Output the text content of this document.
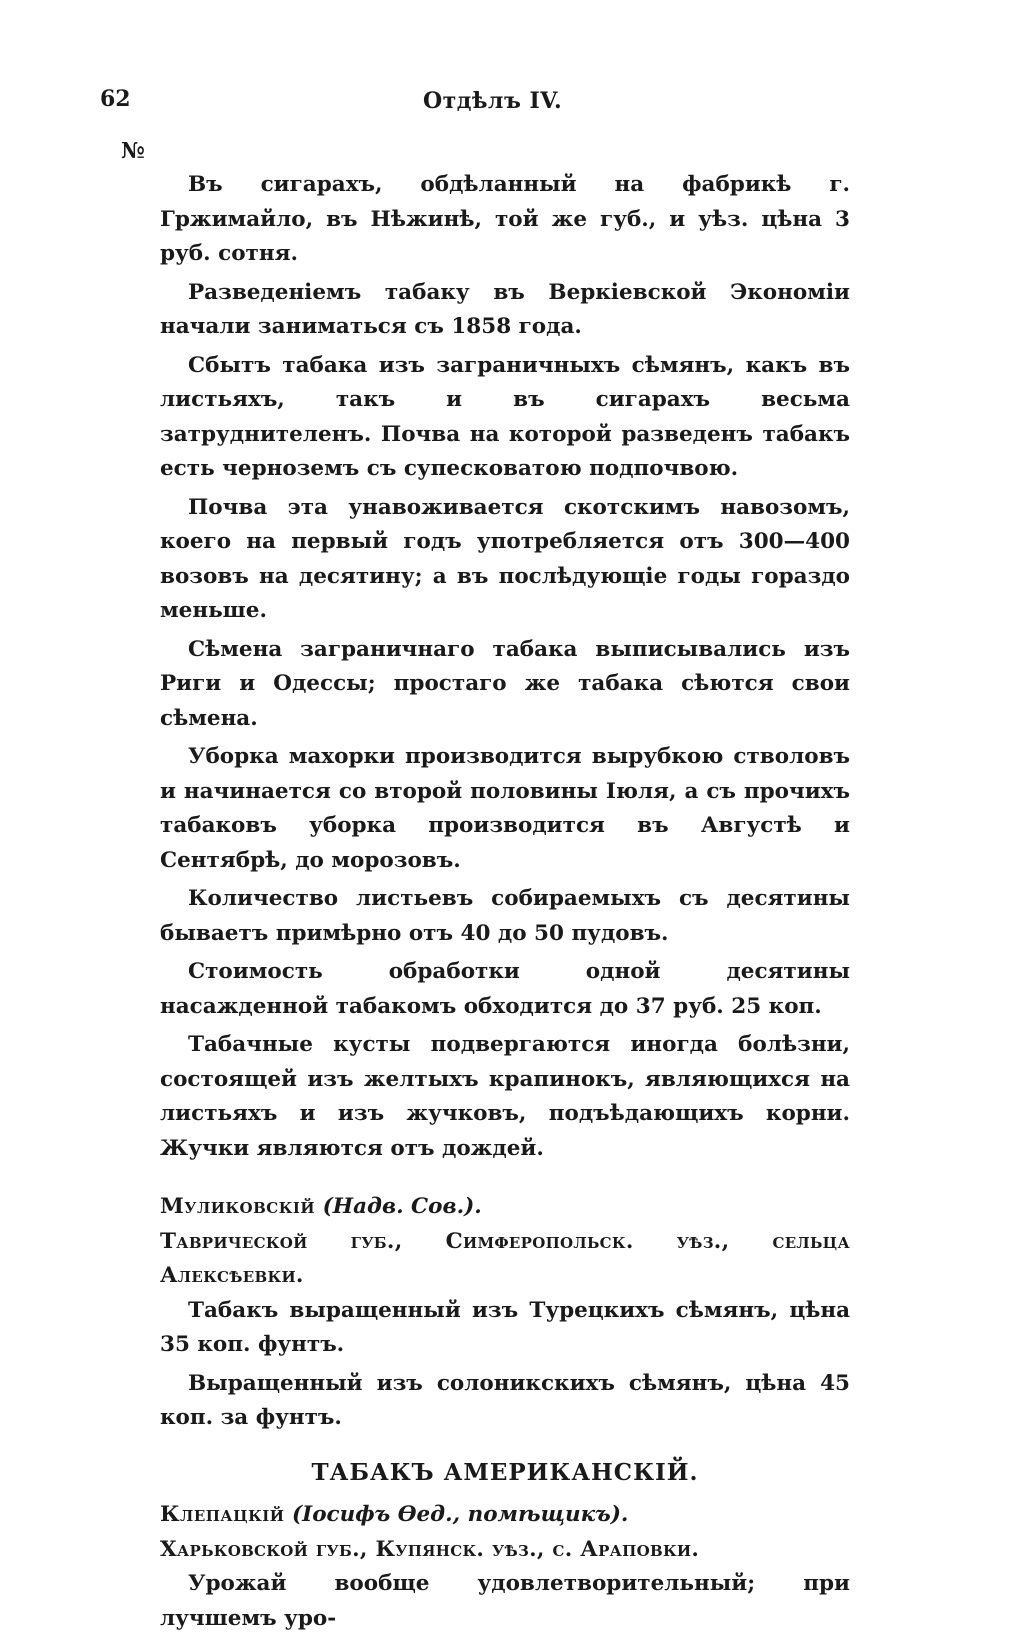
62	Отдѣлъ IV.
№

Въ сигарахъ, обдѣланный на фабрикѣ г. Гржимайло, въ Нѣжинѣ, той же губ., и уѣз. цѣна 3 руб. сотня.

Разведеніемъ табаку въ Веркіевской Экономіи начали заниматься съ 1858 года.

Сбытъ табака изъ заграничныхъ сѣмянъ, какъ въ листьяхъ, такъ и въ сигарахъ весьма затруднителенъ. Почва на которой разведенъ табакъ есть черноземъ съ супесковатою подпочвою.

Почва эта унавоживается скотскимъ навозомъ, коего на первый годъ употребляется отъ 300—400 возовъ на десятину; а въ послѣдующіе годы гораздо меньше.

Сѣмена заграничнаго табака выписывались изъ Риги и Одессы; простаго же табака сѣются свои сѣмена.

Уборка махорки производится вырубкою стволовъ и начинается со второй половины Іюля, а съ прочихъ табаковъ уборка производится въ Августѣ и Сентябрѣ, до морозовъ.

Количество листьевъ собираемыхъ съ десятины бываетъ примѣрно отъ 40 до 50 пудовъ.

Стоимость обработки одной десятины насажденной табакомъ обходится до 37 руб. 25 коп.

Табачные кусты подвергаются иногда болѣзни, состоящей изъ желтыхъ крапинокъ, являющихся на листьяхъ и изъ жучковъ, подъѣдающихъ корни. Жучки являются отъ дождей.

Муликовскій (Надв. Сов.).

Таврической губ., Симферопольск. уѣз., сельца Алексѣевки.

Табакъ выращенный изъ Турецкихъ сѣмянъ, цѣна 35 коп. фунтъ.

Выращенный изъ солоникскихъ сѣмянъ, цѣна 45 коп. за фунтъ.

ТАБАКЪ АМЕРИКАНСКІЙ.

Клепацкій (Іосифъ Өед., помѣщикъ).

Харьковской губ., Купянск. уѣз., с. Араповки.

Урожай вообще удовлетворительный; при лучшемъ уро-
